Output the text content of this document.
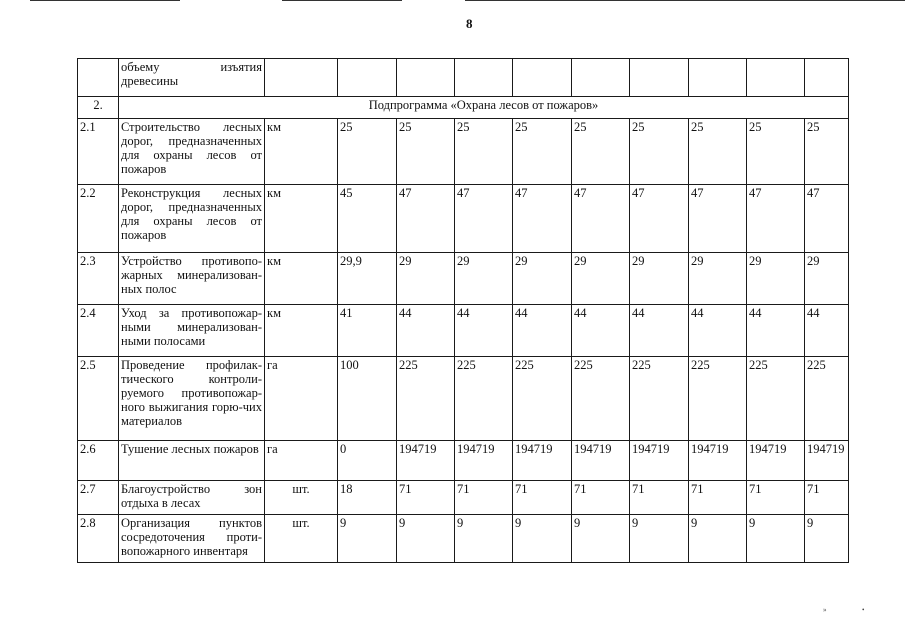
8
	объему изъятия древесины										
2.	Подпрограмма «Охрана лесов от пожаров»										
2.1	Строительство лесных дорог, предназначенных для охраны лесов от пожаров	км	25	25	25	25	25	25	25	25	25
2.2	Реконструкция лесных дорог, предназначенных для охраны лесов от пожаров	км	45	47	47	47	47	47	47	47	47
2.3	Устройство противопо-жарных минерализован-ных полос	км	29,9	29	29	29	29	29	29	29	29
2.4	Уход за противопожар-ными минерализован-ными полосами	км	41	44	44	44	44	44	44	44	44
2.5	Проведение профилак-тического контроли-руемого противопожар-ного выжигания горю-чих материалов	га	100	225	225	225	225	225	225	225	225
2.6	Тушение лесных пожаров	га	0	194719	194719	194719	194719	194719	194719	194719	194719
2.7	Благоустройство зон отдыха в лесах	шт.	18	71	71	71	71	71	71	71	71
2.8	Организация пунктов сосредоточения проти-вопожарного инвентаря	шт.	9	9	9	9	9	9	9	9	9
»	•
